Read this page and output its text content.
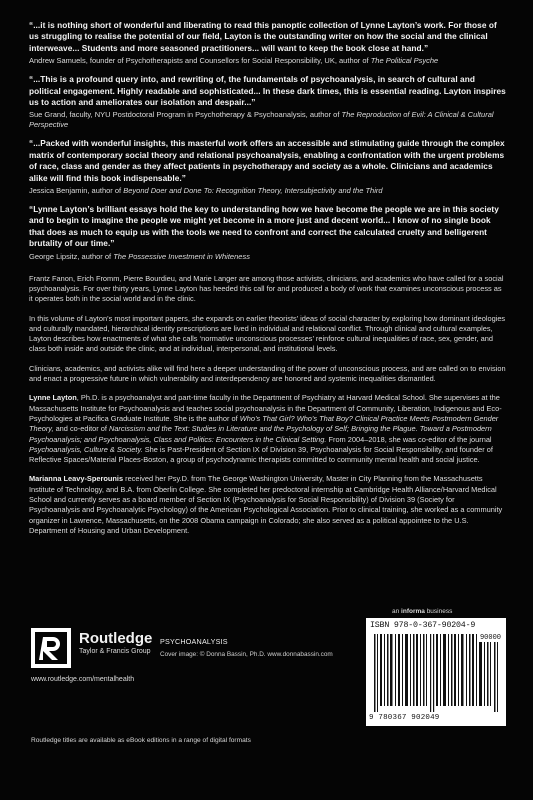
“...it is nothing short of wonderful and liberating to read this panoptic collection of Lynne Layton’s work. For those of us struggling to realise the potential of our field, Layton is the outstanding writer on how the social and the clinical interweave... Students and more seasoned practitioners... will want to keep the book close at hand.”

Andrew Samuels, founder of Psychotherapists and Counsellors for Social Responsibility, UK, author of The Political Psyche

“...This is a profound query into, and rewriting of, the fundamentals of psychoanalysis, in search of cultural and political engagement. Highly readable and sophisticated... In these dark times, this is essential reading. Layton inspires us to action and ameliorates our isolation and despair...”

Sue Grand, faculty, NYU Postdoctoral Program in Psychotherapy & Psychoanalysis, author of The Reproduction of Evil: A Clinical & Cultural Perspective

“...Packed with wonderful insights, this masterful work offers an accessible and stimulating guide through the complex matrix of contemporary social theory and relational psychoanalysis, enabling a confrontation with the urgent problems of race, class and gender as they affect patients in psychotherapy and society as a whole. Clinicians and academics alike will find this book indispensable.”

Jessica Benjamin, author of Beyond Doer and Done To: Recognition Theory, Intersubjectivity and the Third

“Lynne Layton’s brilliant essays hold the key to understanding how we have become the people we are in this society and to begin to imagine the people we might yet become in a more just and decent world... I know of no single book that does as much to equip us with the tools we need to confront and correct the calculated cruelty and belligerent brutality of our time.”

George Lipsitz, author of The Possessive Investment in Whiteness

Frantz Fanon, Erich Fromm, Pierre Bourdieu, and Marie Langer are among those activists, clinicians, and academics who have called for a social psychoanalysis. For over thirty years, Lynne Layton has heeded this call for and produced a body of work that examines unconscious process as it operates both in the social world and in the clinic.

In this volume of Layton’s most important papers, she expands on earlier theorists’ ideas of social character by exploring how dominant ideologies and culturally mandated, hierarchical identity prescriptions are lived in individual and relational conflict. Through clinical and cultural examples, Layton describes how enactments of what she calls ‘normative unconscious processes’ reinforce cultural inequalities of race, sex, gender, and class both inside and outside the clinic, and at individual, interpersonal, and institutional levels.

Clinicians, academics, and activists alike will find here a deeper understanding of the power of unconscious process, and are called on to envision and enact a progressive future in which vulnerability and interdependency are honored and systemic inequalities dismantled.

Lynne Layton, Ph.D. is a psychoanalyst and part-time faculty in the Department of Psychiatry at Harvard Medical School. She supervises at the Massachusetts Institute for Psychoanalysis and teaches social psychoanalysis in the Department of Community, Liberation, Indigenous and Eco-Psychologies at Pacifica Graduate Institute. She is the author of Who’s That Girl? Who’s That Boy? Clinical Practice Meets Postmodern Gender Theory, and co-editor of Narcissism and the Text: Studies in Literature and the Psychology of Self; Bringing the Plague. Toward a Postmodern Psychoanalysis; and Psychoanalysis, Class and Politics: Encounters in the Clinical Setting. From 2004–2018, she was co-editor of the journal Psychoanalysis, Culture & Society. She is Past-President of Section IX of Division 39, Psychoanalysis for Social Responsibility, and founder of Reflective Spaces/Material Places-Boston, a group of psychodynamic therapists committed to community mental health and social justice.

Marianna Leavy-Sperounis received her Psy.D. from The George Washington University, Master in City Planning from the Massachusetts Institute of Technology, and B.A. from Oberlin College. She completed her predoctoral internship at Cambridge Health Alliance/Harvard Medical School and currently serves as a board member of Section IX (Psychoanalysis for Social Responsibility) of Division 39 (Society for Psychoanalysis and Psychoanalytic Psychology) of the American Psychological Association. Prior to clinical training, she worked as a community organizer in Lawrence, Massachusetts, on the 2008 Obama campaign in Colorado; she also served as a political appointee to the U.S. Department of Housing and Urban Development.

an informa business
Routledge
Taylor & Francis Group
www.routledge.com/mentalhealth
PSYCHOANALYSIS
Cover image: © Donna Bassin, Ph.D. www.donnabassin.com
ISBN 978-0-367-90204-9
9 780367 902049
90000
Routledge titles are available as eBook editions in a range of digital formats
